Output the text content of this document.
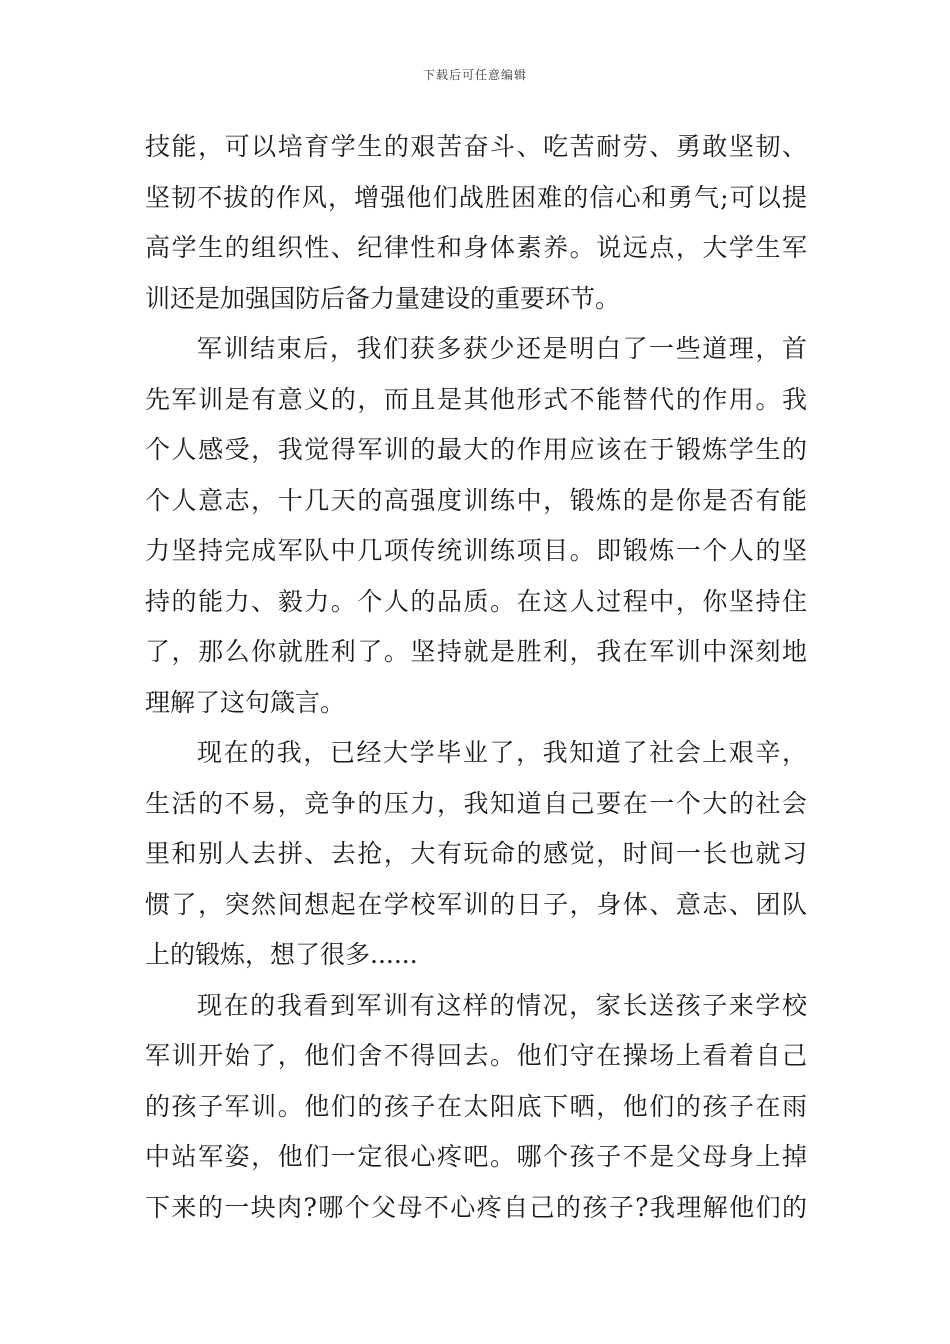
下载后可任意编辑
技能，可以培育学生的艰苦奋斗、吃苦耐劳、勇敢坚韧、
坚韧不拔的作风，增强他们战胜困难的信心和勇气;可以提
高学生的组织性、纪律性和身体素养。说远点，大学生军
训还是加强国防后备力量建设的重要环节。
军训结束后，我们获多获少还是明白了一些道理，首
先军训是有意义的，而且是其他形式不能替代的作用。我
个人感受，我觉得军训的最大的作用应该在于锻炼学生的
个人意志，十几天的高强度训练中，锻炼的是你是否有能
力坚持完成军队中几项传统训练项目。即锻炼一个人的坚
持的能力、毅力。个人的品质。在这人过程中，你坚持住
了，那么你就胜利了。坚持就是胜利，我在军训中深刻地
理解了这句箴言。
现在的我，已经大学毕业了，我知道了社会上艰辛，
生活的不易，竞争的压力，我知道自己要在一个大的社会
里和别人去拼、去抢，大有玩命的感觉，时间一长也就习
惯了，突然间想起在学校军训的日子，身体、意志、团队
上的锻炼，想了很多......
现在的我看到军训有这样的情况，家长送孩子来学校
军训开始了，他们舍不得回去。他们守在操场上看着自己
的孩子军训。他们的孩子在太阳底下晒，他们的孩子在雨
中站军姿，他们一定很心疼吧。哪个孩子不是父母身上掉
下来的一块肉?哪个父母不心疼自己的孩子?我理解他们的
